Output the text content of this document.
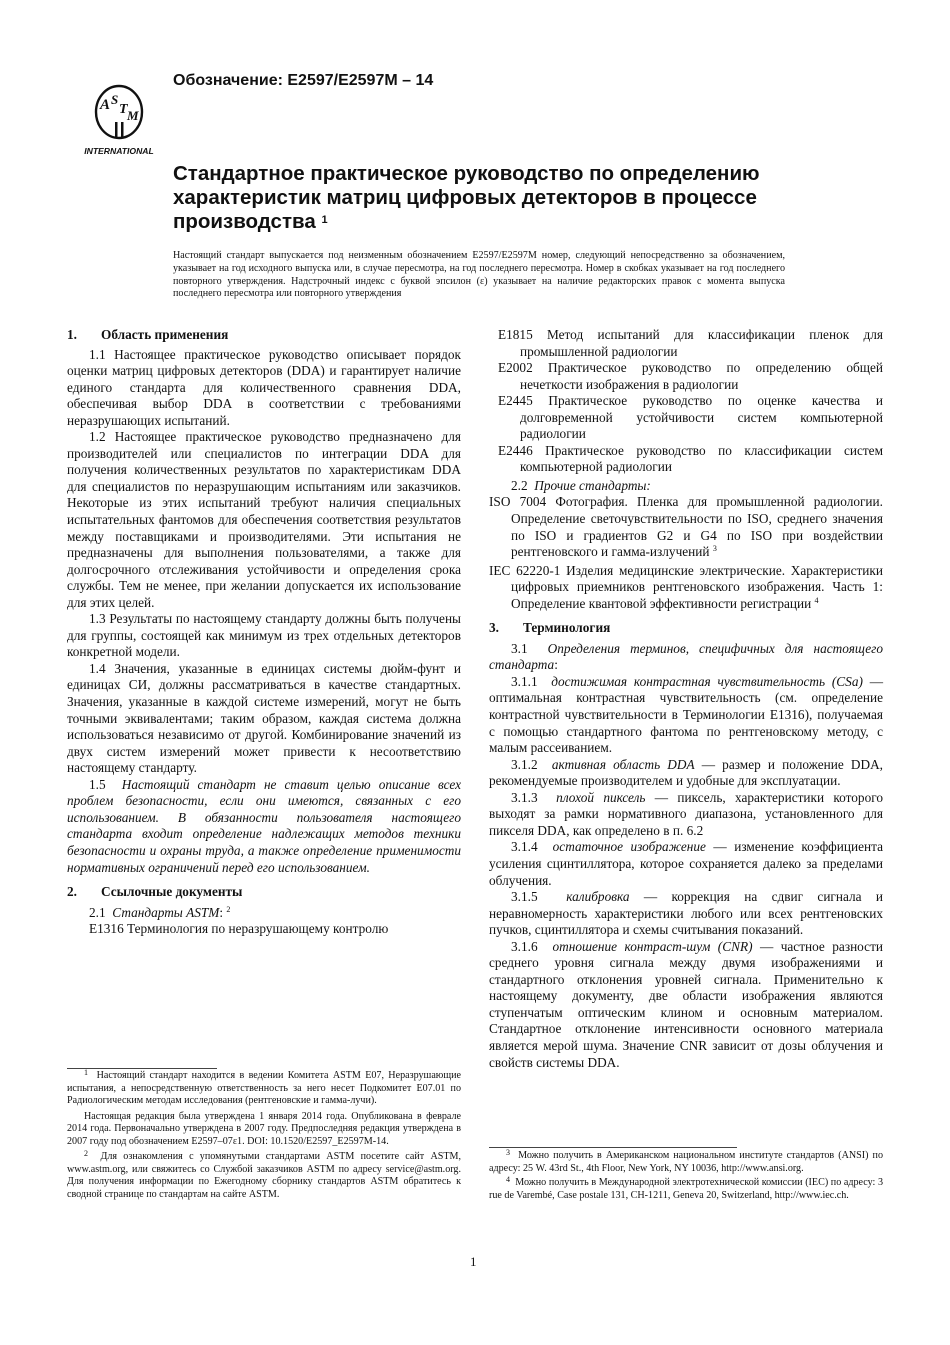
Обозначение: E2597/E2597M – 14
A S
T M
INTERNATIONAL
Стандартное практическое руководство по определению характеристик матриц цифровых детекторов в процессе производства $^1$
Настоящий стандарт выпускается под неизменным обозначением E2597/E2597M номер, следующий непосредственно за обозначением, указывает на год исходного выпуска или, в случае пересмотра, на год последнего пересмотра. Номер в скобках указывает на год последнего повторного утверждения. Надстрочный индекс с буквой эпсилон (ε) указывает на наличие редакторских правок с момента выпуска последнего пересмотра или повторного утверждения

1. Область применения

1.1 Настоящее практическое руководство описывает порядок оценки матриц цифровых детекторов (DDA) и гарантирует наличие единого стандарта для количественного сравнения DDA, обеспечивая выбор DDA в соответствии с требованиями неразрушающих испытаний.

1.2 Настоящее практическое руководство предназначено для производителей или специалистов по интеграции DDA для получения количественных результатов по характеристикам DDA для специалистов по неразрушающим испытаниям или заказчиков. Некоторые из этих испытаний требуют наличия специальных испытательных фантомов для обеспечения соответствия результатов между поставщиками и производителями. Эти испытания не предназначены для выполнения пользователями, а также для долгосрочного отслеживания устойчивости и определения срока службы. Тем не менее, при желании допускается их использование для этих целей.

1.3 Результаты по настоящему стандарту должны быть получены для группы, состоящей как минимум из трех отдельных детекторов конкретной модели.

1.4 Значения, указанные в единицах системы дюйм-фунт и единицах СИ, должны рассматриваться в качестве стандартных. Значения, указанные в каждой системе измерений, могут не быть точными эквивалентами; таким образом, каждая система должна использоваться независимо от другой. Комбинирование значений из двух систем измерений может привести к несоответствию настоящему стандарту.

1.5 Настоящий стандарт не ставит целью описание всех проблем безопасности, если они имеются, связанных с его использованием. В обязанности пользователя настоящего стандарта входит определение надлежащих методов техники безопасности и охраны труда, а также определение применимости нормативных ограничений перед его использованием.

2. Ссылочные документы

2.1 Стандарты ASTM: $^2$

E1316 Терминология по неразрушающему контролю

$^1$ Настоящий стандарт находится в ведении Комитета ASTM E07, Неразрушающие испытания, а непосредственную ответственность за него несет Подкомитет E07.01 по Радиологическим методам исследования (рентгеновские и гамма-лучи).

Настоящая редакция была утверждена 1 января 2014 года. Опубликована в феврале 2014 года. Первоначально утверждена в 2007 году. Предпоследняя редакция утверждена в 2007 году под обозначением E2597–07ε1. DOI: 10.1520/E2597_E2597M-14.

$^2$ Для ознакомления с упомянутыми стандартами ASTM посетите сайт ASTM, www.astm.org, или свяжитесь со Службой заказчиков ASTM по адресу service@astm.org. Для получения информации по Ежегодному сборнику стандартов ASTM обратитесь к сводной странице по стандартам на сайте ASTM.

E1815 Метод испытаний для классификации пленок для промышленной радиологии

E2002 Практическое руководство по определению общей нечеткости изображения в радиологии

E2445 Практическое руководство по оценке качества и долговременной устойчивости систем компьютерной радиологии

E2446 Практическое руководство по классификации систем компьютерной радиологии

2.2 Прочие стандарты:

ISO 7004 Фотография. Пленка для промышленной радиологии. Определение светочувствительности по ISO, среднего значения по ISO и градиентов G2 и G4 по ISO при воздействии рентгеновского и гамма-излучений $^3$

IEC 62220-1 Изделия медицинские электрические. Характеристики цифровых приемников рентгеновского изображения. Часть 1: Определение квантовой эффективности регистрации $^4$

3. Терминология

3.1 Определения терминов, специфичных для настоящего стандарта:

3.1.1 достижимая контрастная чувствительность (CSa) — оптимальная контрастная чувствительность (см. определение контрастной чувствительности в Терминологии E1316), получаемая с помощью стандартного фантома по рентгеновскому методу, с малым рассеиванием.

3.1.2 активная область DDA — размер и положение DDA, рекомендуемые производителем и удобные для эксплуатации.

3.1.3 плохой пиксель — пиксель, характеристики которого выходят за рамки нормативного диапазона, установленного для пикселя DDA, как определено в п. 6.2

3.1.4 остаточное изображение — изменение коэффициента усиления сцинтиллятора, которое сохраняется далеко за пределами облучения.

3.1.5 калибровка — коррекция на сдвиг сигнала и неравномерность характеристики любого или всех рентгеновских пучков, сцинтиллятора и схемы считывания показаний.

3.1.6 отношение контраст-шум (CNR) — частное разности среднего уровня сигнала между двумя изображениями и стандартного отклонения уровней сигнала. Применительно к настоящему документу, две области изображения являются ступенчатым оптическим клином и основным материалом. Стандартное отклонение интенсивности основного материала является мерой шума. Значение CNR зависит от дозы облучения и свойств системы DDA.

$^3$ Можно получить в Американском национальном институте стандартов (ANSI) по адресу: 25 W. 43rd St., 4th Floor, New York, NY 10036, http://www.ansi.org.

$^4$ Можно получить в Международной электротехнической комиссии (IEC) по адресу: 3 rue de Varembé, Case postale 131, CH-1211, Geneva 20, Switzerland, http://www.iec.ch.

1
